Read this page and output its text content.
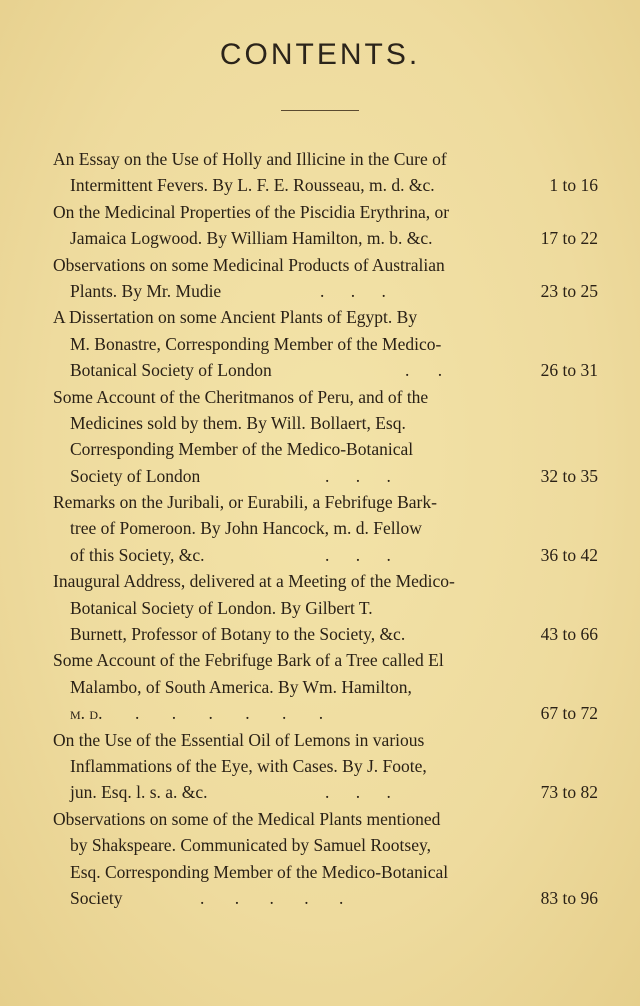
CONTENTS.
An Essay on the Use of Holly and Illicine in the Cure of
Intermittent Fevers. By L. F. E. Rousseau, m. d. &c.	1 to 16
On the Medicinal Properties of the Piscidia Erythrina, or
Jamaica Logwood. By William Hamilton, m. b. &c.	17 to 22
Observations on some Medicinal Products of Australian
Plants. By Mr. Mudie	. . .	23 to 25
A Dissertation on some Ancient Plants of Egypt. By
M. Bonastre, Corresponding Member of the Medico-
Botanical Society of London	. .	26 to 31
Some Account of the Cheritmanos of Peru, and of the
Medicines sold by them. By Will. Bollaert, Esq.
Corresponding Member of the Medico-Botanical
Society of London	. . .	32 to 35
Remarks on the Juribali, or Eurabili, a Febrifuge Bark-
tree of Pomeroon. By John Hancock, m. d. Fellow
of this Society, &c.	. . .	36 to 42
Inaugural Address, delivered at a Meeting of the Medico-
Botanical Society of London. By Gilbert T.
Burnett, Professor of Botany to the Society, &c.	43 to 66
Some Account of the Febrifuge Bark of a Tree called El
Malambo, of South America. By Wm. Hamilton,
m. d. . . . . . .	67 to 72
On the Use of the Essential Oil of Lemons in various
Inflammations of the Eye, with Cases. By J. Foote,
jun. Esq. l. s. a. &c.	. . .	73 to 82
Observations on some of the Medical Plants mentioned
by Shakspeare. Communicated by Samuel Rootsey,
Esq. Corresponding Member of the Medico-Botanical
Society	. . . . .	83 to 96
